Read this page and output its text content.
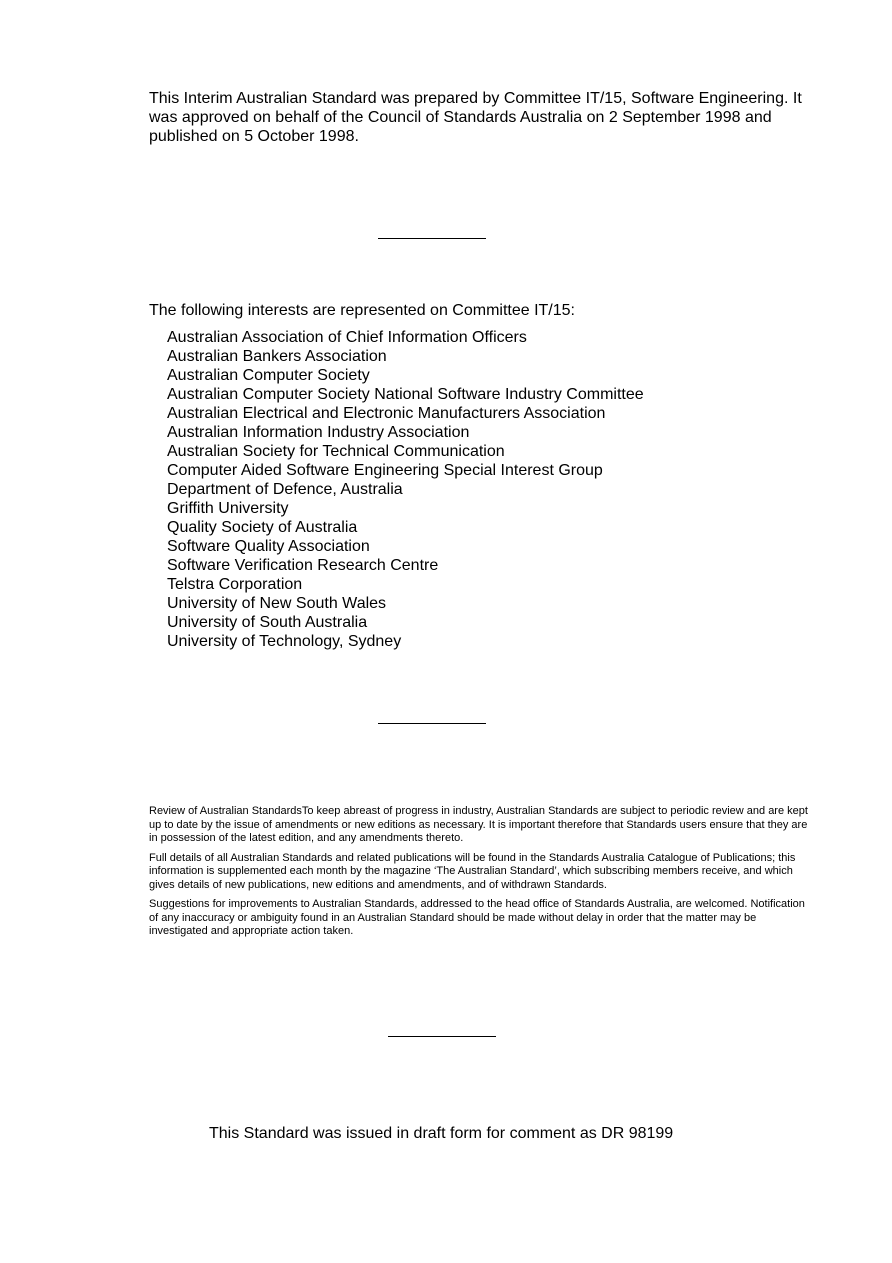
This Interim Australian Standard was prepared by Committee IT/15, Software Engineering. It was approved on behalf of the Council of Standards Australia on 2 September 1998 and published on 5 October 1998.

The following interests are represented on Committee IT/15:
Australian Association of Chief Information Officers
Australian Bankers Association
Australian Computer Society
Australian Computer Society National Software Industry Committee
Australian Electrical and Electronic Manufacturers Association
Australian Information Industry Association
Australian Society for Technical Communication
Computer Aided Software Engineering Special Interest Group
Department of Defence, Australia
Griffith University
Quality Society of Australia
Software Quality Association
Software Verification Research Centre
Telstra Corporation
University of New South Wales
University of South Australia
University of Technology, Sydney

Review of Australian StandardsTo keep abreast of progress in industry, Australian Standards are subject to periodic review and are kept up to date by the issue of amendments or new editions as necessary. It is important therefore that Standards users ensure that they are in possession of the latest edition, and any amendments thereto.

Full details of all Australian Standards and related publications will be found in the Standards Australia Catalogue of Publications; this information is supplemented each month by the magazine ‘The Australian Standard’, which subscribing members receive, and which gives details of new publications, new editions and amendments, and of withdrawn Standards.

Suggestions for improvements to Australian Standards, addressed to the head office of Standards Australia, are welcomed. Notification of any inaccuracy or ambiguity found in an Australian Standard should be made without delay in order that the matter may be investigated and appropriate action taken.

This Standard was issued in draft form for comment as DR 98199
